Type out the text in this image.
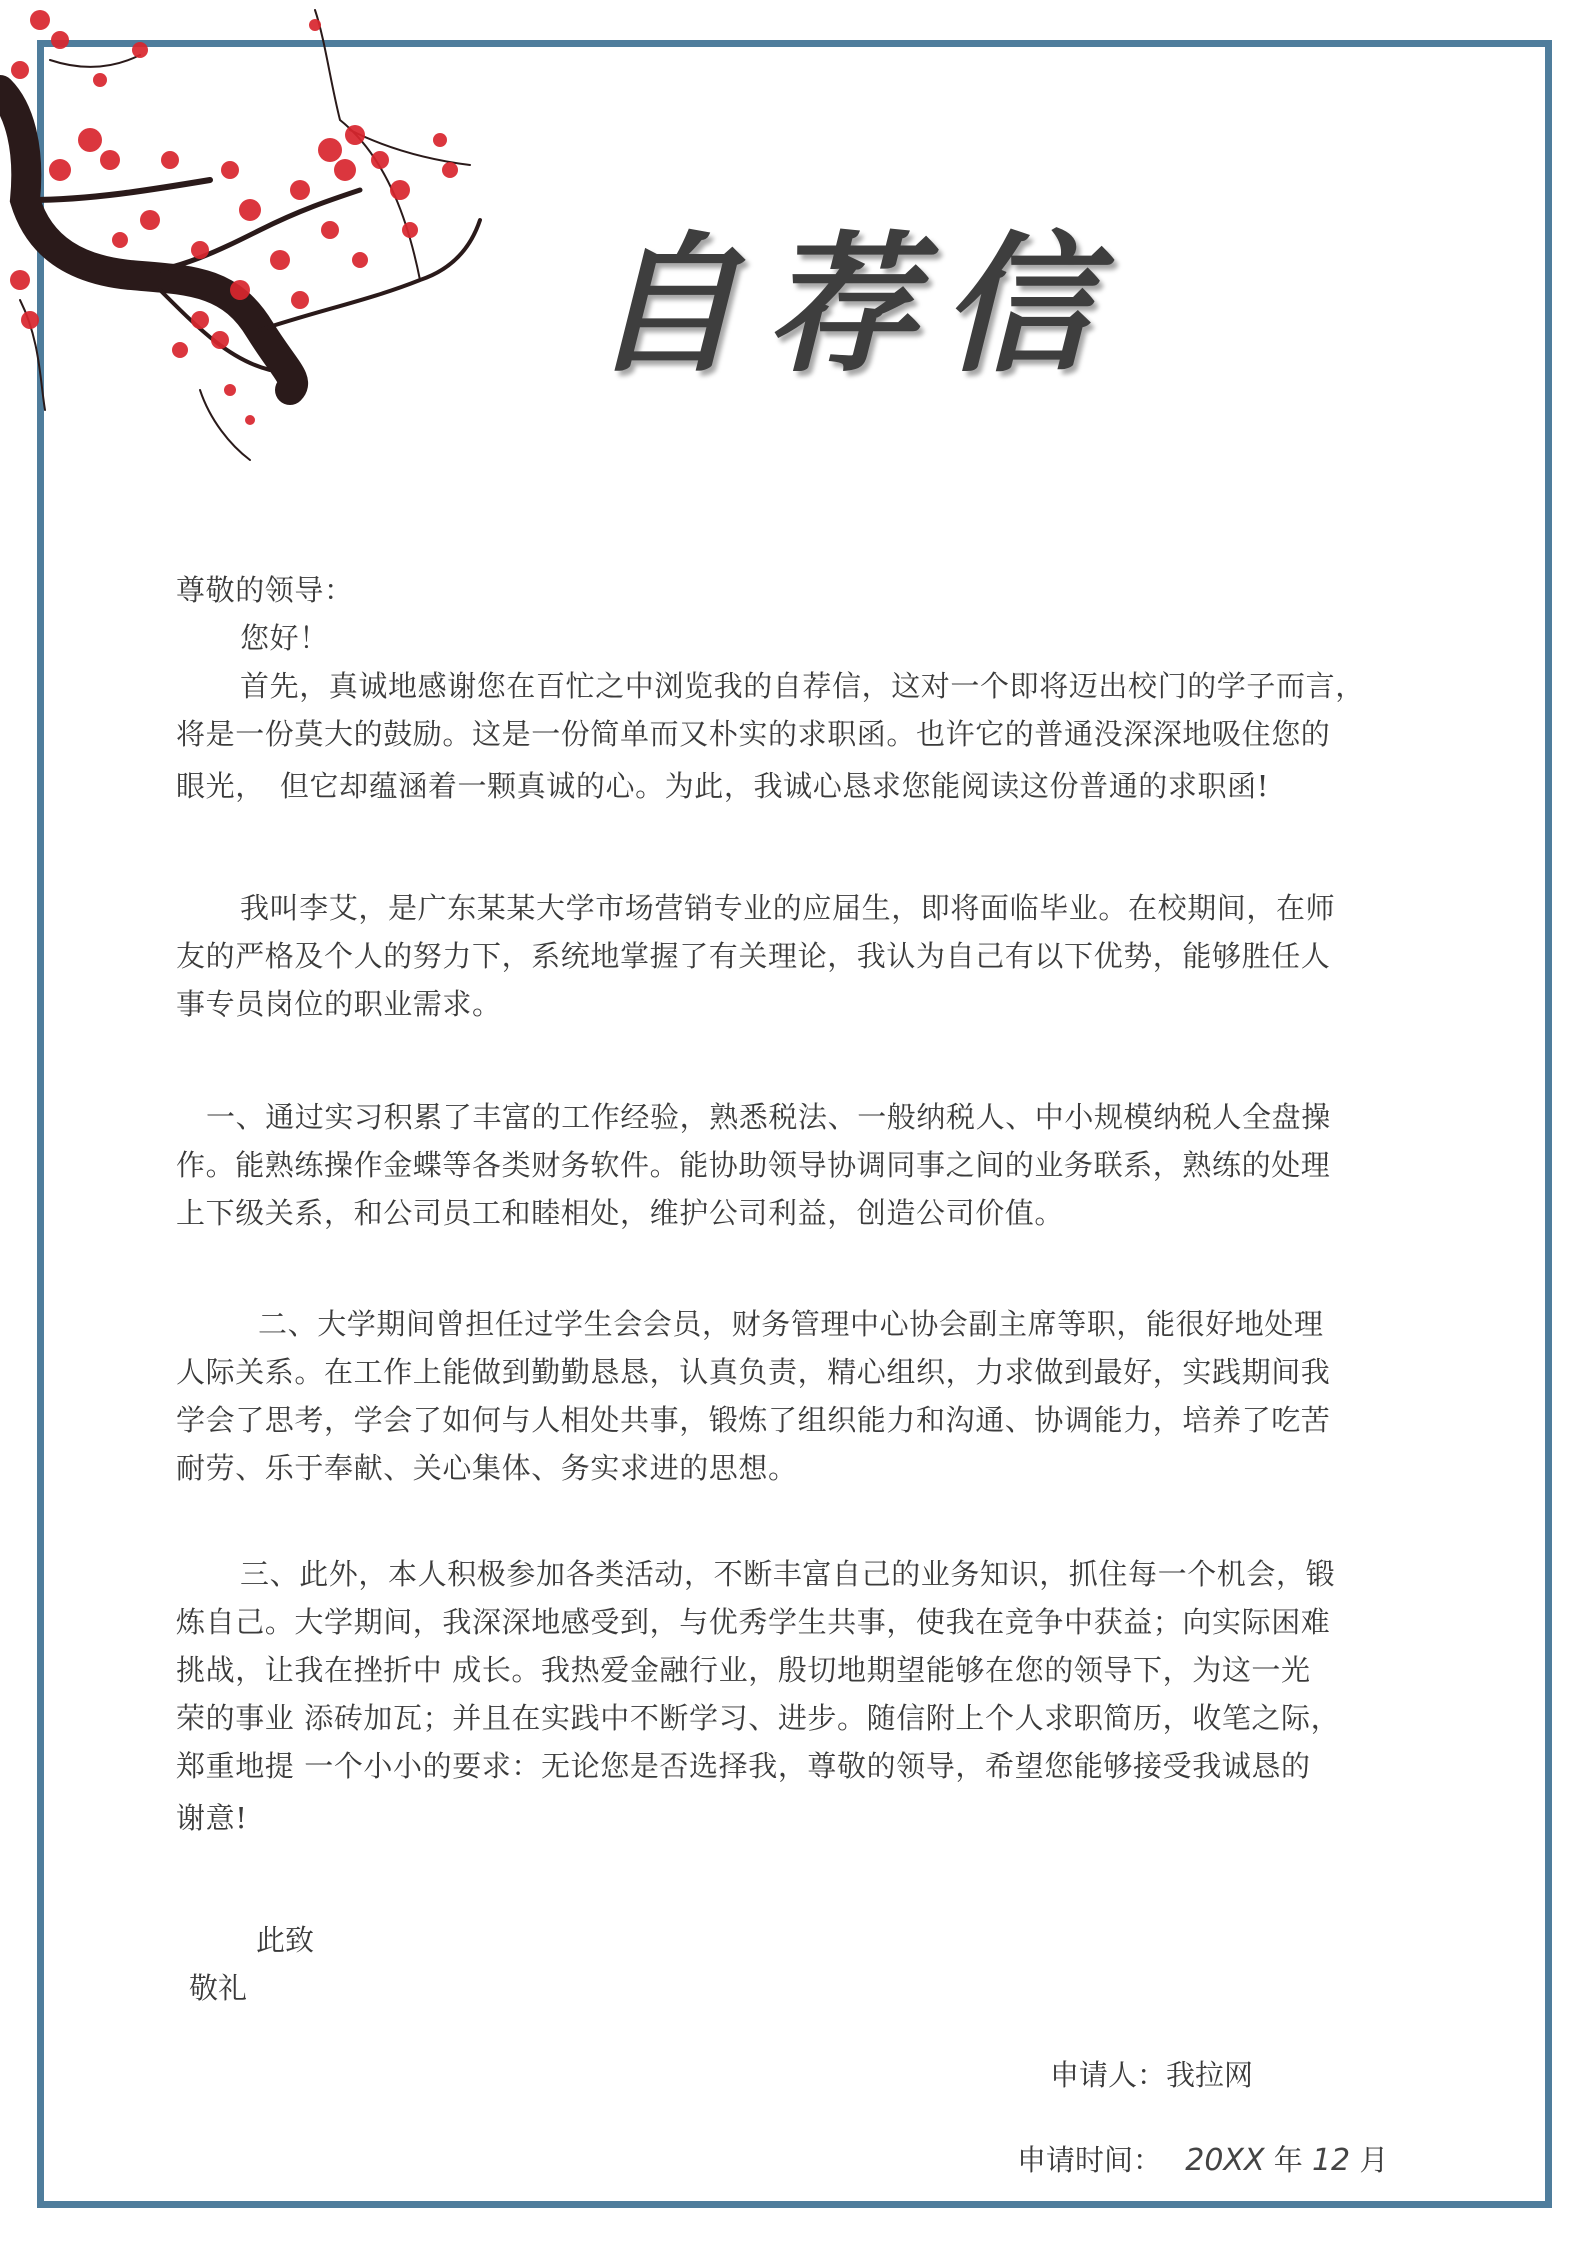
自荐信
尊敬的领导：
您好！
首先，真诚地感谢您在百忙之中浏览我的自荐信，这对一个即将迈出校门的学子而言，
将是一份莫大的鼓励。这是一份简单而又朴实的求职函。也许它的普通没深深地吸住您的
眼光，　但它却蕴涵着一颗真诚的心。为此，我诚心恳求您能阅读这份普通的求职函!
我叫李艾，是广东某某大学市场营销专业的应届生，即将面临毕业。在校期间，在师
友的严格及个人的努力下，系统地掌握了有关理论，我认为自己有以下优势，能够胜任人
事专员岗位的职业需求。
一、通过实习积累了丰富的工作经验，熟悉税法、一般纳税人、中小规模纳税人全盘操
作。能熟练操作金蝶等各类财务软件。能协助领导协调同事之间的业务联系，熟练的处理
上下级关系，和公司员工和睦相处，维护公司利益，创造公司价值。
二、大学期间曾担任过学生会会员，财务管理中心协会副主席等职，能很好地处理
人际关系。在工作上能做到勤勤恳恳，认真负责，精心组织，力求做到最好，实践期间我
学会了思考，学会了如何与人相处共事，锻炼了组织能力和沟通、协调能力，培养了吃苦
耐劳、乐于奉献、关心集体、务实求进的思想。
三、此外，本人积极参加各类活动，不断丰富自己的业务知识，抓住每一个机会，锻
炼自己。大学期间，我深深地感受到，与优秀学生共事，使我在竞争中获益；向实际困难
挑战，让我在挫折中 成长。我热爱金融行业，殷切地期望能够在您的领导下，为这一光
荣的事业 添砖加瓦；并且在实践中不断学习、进步。随信附上个人求职简历，收笔之际，
郑重地提 一个小小的要求：无论您是否选择我，尊敬的领导，希望您能够接受我诚恳的
谢意!
此致
敬礼
申请人：我拉网
申请时间： 20XX 年 12 月
